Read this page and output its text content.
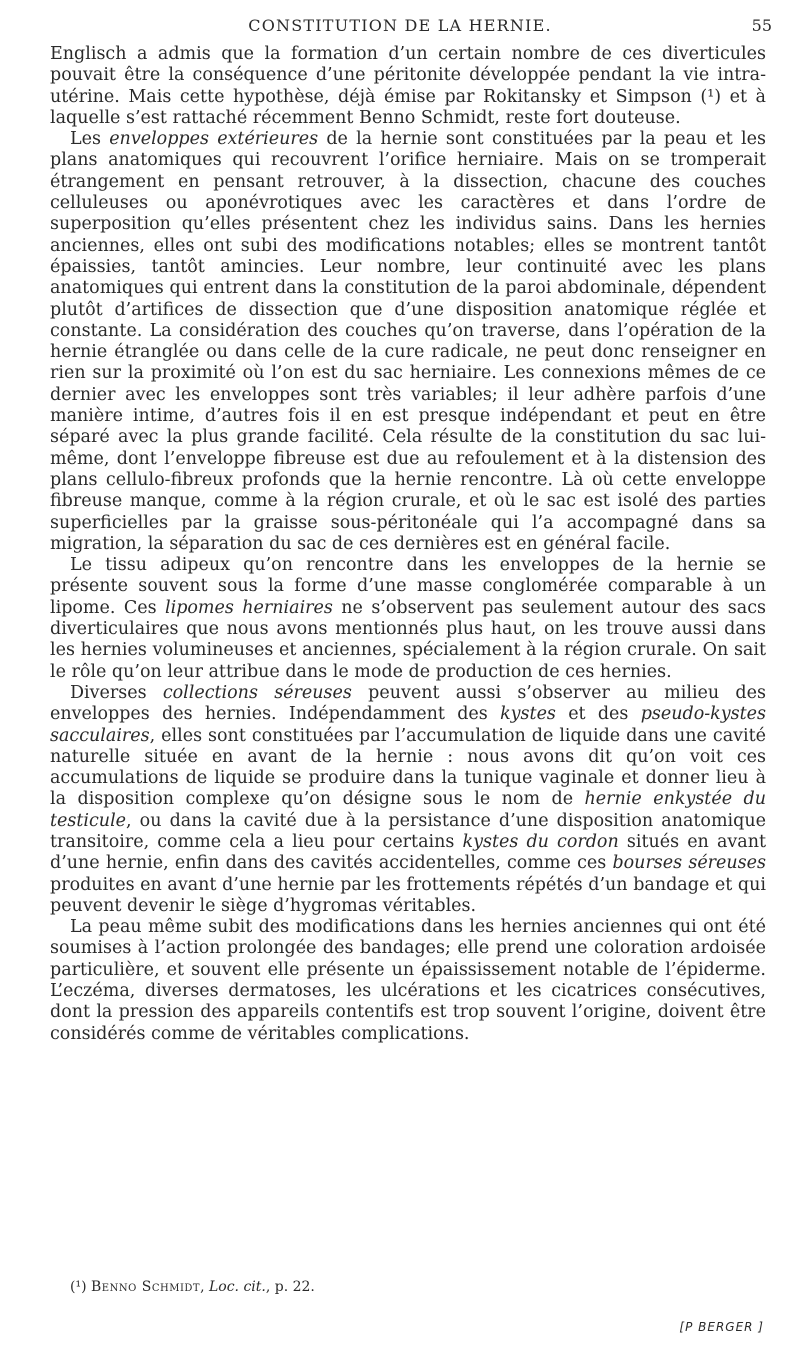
CONSTITUTION DE LA HERNIE.	55

Englisch a admis que la formation d’un certain nombre de ces diverticules pouvait être la conséquence d’une péritonite développée pendant la vie intra-utérine. Mais cette hypothèse, déjà émise par Rokitansky et Simpson (¹) et à laquelle s’est rattaché récemment Benno Schmidt, reste fort douteuse.

Les enveloppes extérieures de la hernie sont constituées par la peau et les plans anatomiques qui recouvrent l’orifice herniaire. Mais on se tromperait étrangement en pensant retrouver, à la dissection, chacune des couches celluleuses ou aponévrotiques avec les caractères et dans l’ordre de superposition qu’elles présentent chez les individus sains. Dans les hernies anciennes, elles ont subi des modifications notables; elles se montrent tantôt épaissies, tantôt amincies. Leur nombre, leur continuité avec les plans anatomiques qui entrent dans la constitution de la paroi abdominale, dépendent plutôt d’artifices de dissection que d’une disposition anatomique réglée et constante. La considération des couches qu’on traverse, dans l’opération de la hernie étranglée ou dans celle de la cure radicale, ne peut donc renseigner en rien sur la proximité où l’on est du sac herniaire. Les connexions mêmes de ce dernier avec les enveloppes sont très variables; il leur adhère parfois d’une manière intime, d’autres fois il en est presque indépendant et peut en être séparé avec la plus grande facilité. Cela résulte de la constitution du sac lui-même, dont l’enveloppe fibreuse est due au refoulement et à la distension des plans cellulo-fibreux profonds que la hernie rencontre. Là où cette enveloppe fibreuse manque, comme à la région crurale, et où le sac est isolé des parties superficielles par la graisse sous-péritonéale qui l’a accompagné dans sa migration, la séparation du sac de ces dernières est en général facile.

Le tissu adipeux qu’on rencontre dans les enveloppes de la hernie se présente souvent sous la forme d’une masse conglomérée comparable à un lipome. Ces lipomes herniaires ne s’observent pas seulement autour des sacs diverticulaires que nous avons mentionnés plus haut, on les trouve aussi dans les hernies volumineuses et anciennes, spécialement à la région crurale. On sait le rôle qu’on leur attribue dans le mode de production de ces hernies.

Diverses collections séreuses peuvent aussi s’observer au milieu des enveloppes des hernies. Indépendamment des kystes et des pseudo-kystes sacculaires, elles sont constituées par l’accumulation de liquide dans une cavité naturelle située en avant de la hernie : nous avons dit qu’on voit ces accumulations de liquide se produire dans la tunique vaginale et donner lieu à la disposition complexe qu’on désigne sous le nom de hernie enkystée du testicule, ou dans la cavité due à la persistance d’une disposition anatomique transitoire, comme cela a lieu pour certains kystes du cordon situés en avant d’une hernie, enfin dans des cavités accidentelles, comme ces bourses séreuses produites en avant d’une hernie par les frottements répétés d’un bandage et qui peuvent devenir le siège d’hygromas véritables.

La peau même subit des modifications dans les hernies anciennes qui ont été soumises à l’action prolongée des bandages; elle prend une coloration ardoisée particulière, et souvent elle présente un épaississement notable de l’épiderme. L’eczéma, diverses dermatoses, les ulcérations et les cicatrices consécutives, dont la pression des appareils contentifs est trop souvent l’origine, doivent être considérés comme de véritables complications.

(¹) Benno Schmidt, Loc. cit., p. 22.
[P BERGER ]
